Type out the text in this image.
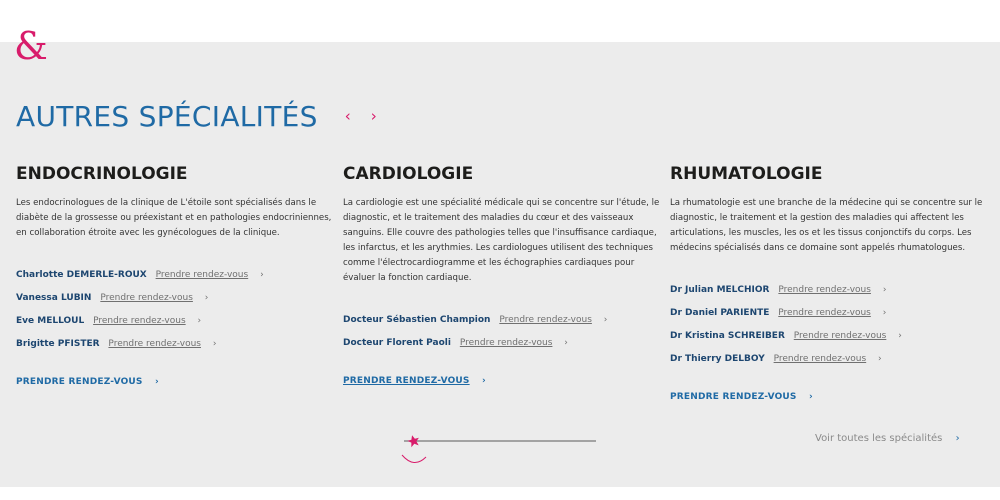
&
AUTRES SPÉCIALITÉS ‹ ›
ENDOCRINOLOGIE

Les endocrinologues de la clinique de L'étoile sont spécialisés dans le diabète de la grossesse ou préexistant et en pathologies endocriniennes, en collaboration étroite avec les gynécologues de la clinique.

Charlotte DEMERLE-ROUX Prendre rendez-vous ›
Vanessa LUBIN Prendre rendez-vous ›
Eve MELLOUL Prendre rendez-vous ›
Brigitte PFISTER Prendre rendez-vous ›
PRENDRE RENDEZ-VOUS ›
CARDIOLOGIE

La cardiologie est une spécialité médicale qui se concentre sur l'étude, le diagnostic, et le traitement des maladies du cœur et des vaisseaux sanguins. Elle couvre des pathologies telles que l'insuffisance cardiaque, les infarctus, et les arythmies. Les cardiologues utilisent des techniques comme l'électrocardiogramme et les échographies cardiaques pour évaluer la fonction cardiaque.

Docteur Sébastien Champion Prendre rendez-vous ›
Docteur Florent Paoli Prendre rendez-vous ›
PRENDRE RENDEZ-VOUS ›
RHUMATOLOGIE

La rhumatologie est une branche de la médecine qui se concentre sur le diagnostic, le traitement et la gestion des maladies qui affectent les articulations, les muscles, les os et les tissus conjonctifs du corps. Les médecins spécialisés dans ce domaine sont appelés rhumatologues.

Dr Julian MELCHIOR Prendre rendez-vous ›
Dr Daniel PARIENTE Prendre rendez-vous ›
Dr Kristina SCHREIBER Prendre rendez-vous ›
Dr Thierry DELBOY Prendre rendez-vous ›
PRENDRE RENDEZ-VOUS ›
Voir toutes les spécialités ›
